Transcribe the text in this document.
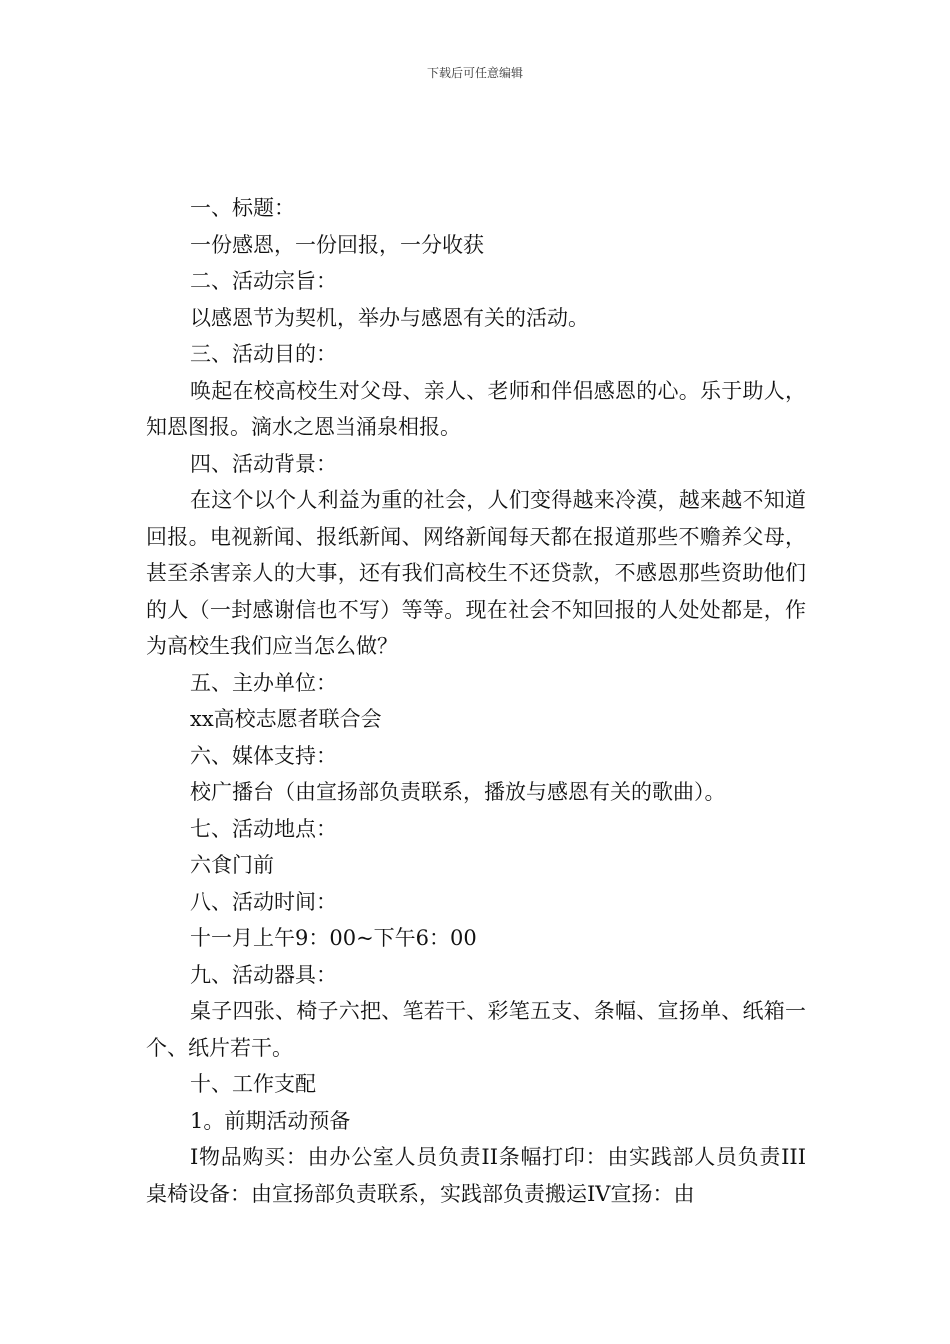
下载后可任意编辑

一、标题：

一份感恩，一份回报，一分收获

二、活动宗旨：

以感恩节为契机，举办与感恩有关的活动。

三、活动目的：

唤起在校高校生对父母、亲人、老师和伴侣感恩的心。乐于助人，知恩图报。滴水之恩当涌泉相报。

四、活动背景：

在这个以个人利益为重的社会，人们变得越来冷漠，越来越不知道回报。电视新闻、报纸新闻、网络新闻每天都在报道那些不赡养父母，甚至杀害亲人的大事，还有我们高校生不还贷款，不感恩那些资助他们的人（一封感谢信也不写）等等。现在社会不知回报的人处处都是，作为高校生我们应当怎么做？

五、主办单位：

xx高校志愿者联合会

六、媒体支持：

校广播台（由宣扬部负责联系，播放与感恩有关的歌曲）。

七、活动地点：

六食门前

八、活动时间：

十一月上午9：00~下午6：00

九、活动器具：

桌子四张、椅子六把、笔若干、彩笔五支、条幅、宣扬单、纸箱一个、纸片若干。

十、工作支配

1。前期活动预备

I物品购买：由办公室人员负责II条幅打印：由实践部人员负责III桌椅设备：由宣扬部负责联系，实践部负责搬运IV宣扬：由
